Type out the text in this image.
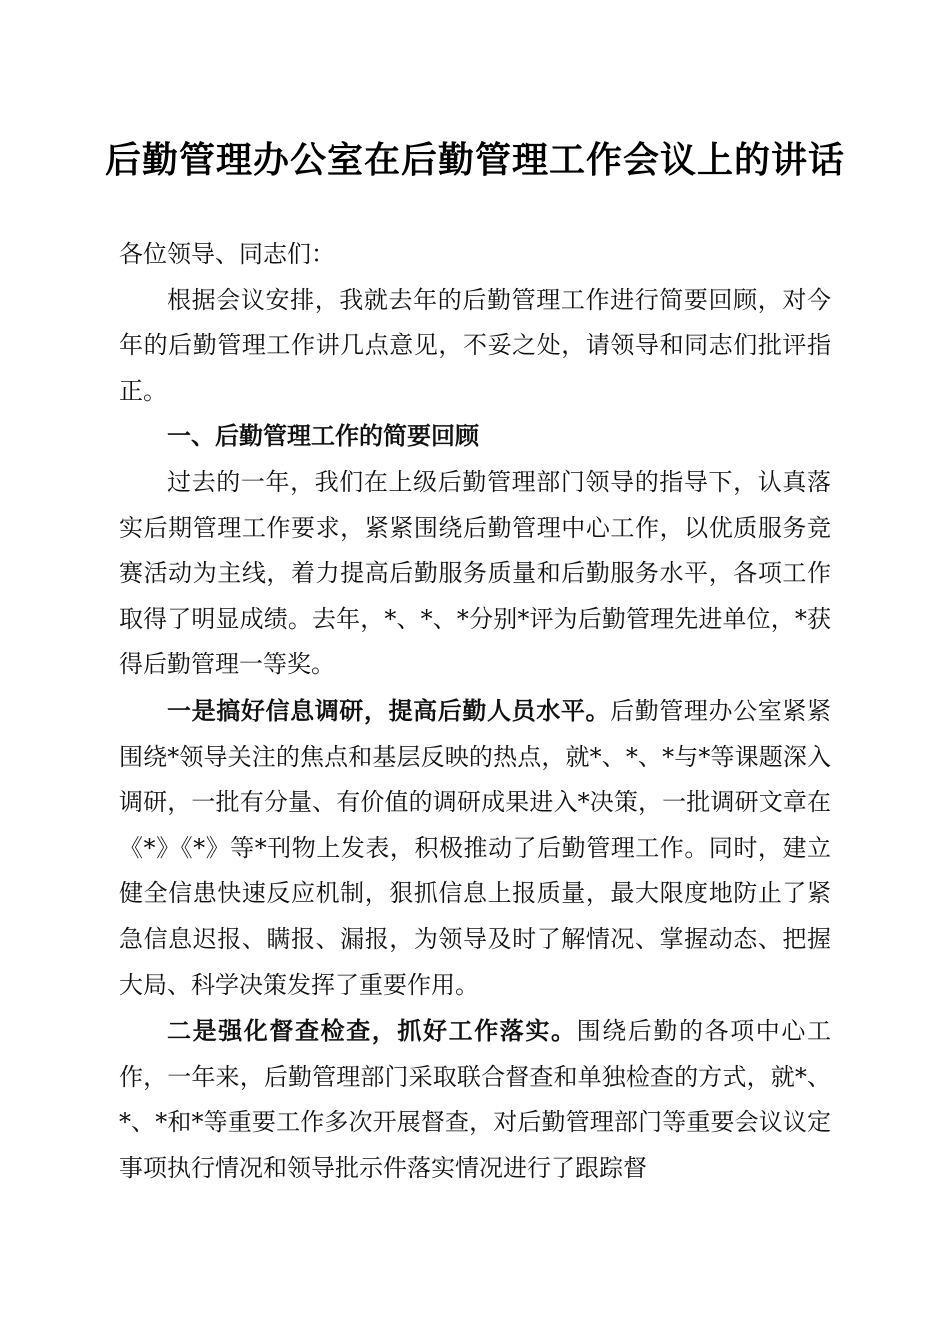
后勤管理办公室在后勤管理工作会议上的讲话

各位领导、同志们：

根据会议安排，我就去年的后勤管理工作进行简要回顾，对今年的后勤管理工作讲几点意见，不妥之处，请领导和同志们批评指正。

一、后勤管理工作的简要回顾

过去的一年，我们在上级后勤管理部门领导的指导下，认真落实后期管理工作要求，紧紧围绕后勤管理中心工作，以优质服务竞赛活动为主线，着力提高后勤服务质量和后勤服务水平，各项工作取得了明显成绩。去年，*、*、*分别*评为后勤管理先进单位，*获得后勤管理一等奖。

一是搞好信息调研，提高后勤人员水平。后勤管理办公室紧紧围绕*领导关注的焦点和基层反映的热点，就*、*、*与*等课题深入调研，一批有分量、有价值的调研成果进入*决策，一批调研文章在《*》《*》等*刊物上发表，积极推动了后勤管理工作。同时，建立健全信患快速反应机制，狠抓信息上报质量，最大限度地防止了紧急信息迟报、瞒报、漏报，为领导及时了解情况、掌握动态、把握大局、科学决策发挥了重要作用。

二是强化督查检查，抓好工作落实。围绕后勤的各项中心工作，一年来，后勤管理部门采取联合督查和单独检查的方式，就*、*、*和*等重要工作多次开展督查，对后勤管理部门等重要会议议定事项执行情况和领导批示件落实情况进行了跟踪督
